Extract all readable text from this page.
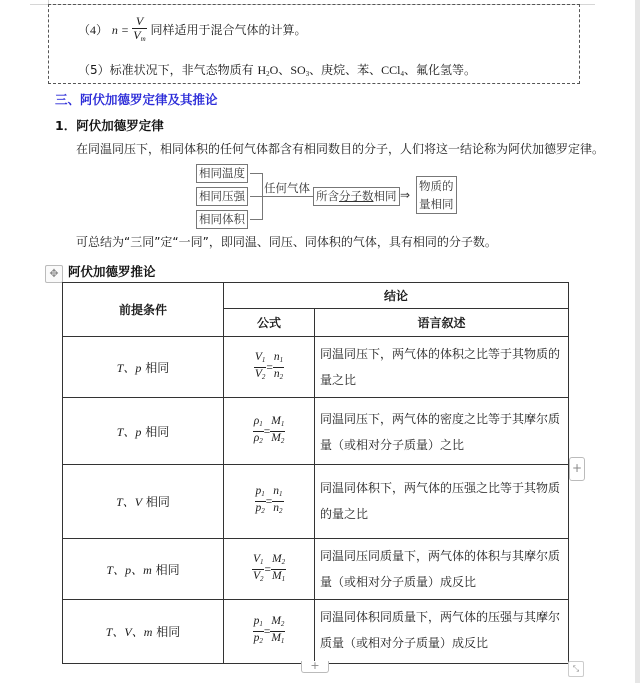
（4） $n = \frac{V}{V_m}$ 同样适用于混合气体的计算。
（5）标准状况下，非气态物质有 $H_2O$、$SO_3$、庚烷、苯、CCl$_4$、氟化氢等。
三、阿伏加德罗定律及其推论
1．阿伏加德罗定律
在同温同压下，相同体积的任何气体都含有相同数目的分子，人们将这一结论称为阿伏加德罗定律。
相同温度
相同压强
相同体积
任何气体
所含分子数相同 ⇒
物质的
量相同
可总结为“三同”定“一同”，即同温、同压、同体积的气体，具有相同的分子数。
✥ 阿伏加德罗推论
前提条件	结论	
	公式	语言叙述
T、p 相同	$\frac{V_1}{V_2} = \frac{n_1}{n_2}$	同温同压下，两气体的体积之比等于其物质的量之比
T、p 相同	$\frac{\rho_1}{\rho_2} = \frac{M_1}{M_2}$	同温同压下，两气体的密度之比等于其摩尔质量（或相对分子质量）之比
T、V 相同	$\frac{p_1}{p_2} = \frac{n_1}{n_2}$	同温同体积下，两气体的压强之比等于其物质的量之比
T、p、m 相同	$\frac{V_1}{V_2} = \frac{M_2}{M_1}$	同温同压同质量下，两气体的体积与其摩尔质量（或相对分子质量）成反比
T、V、m 相同	$\frac{p_1}{p_2} = \frac{M_2}{M_1}$	同温同体积同质量下，两气体的压强与其摩尔质量（或相对分子质量）成反比
+
+	⤡
